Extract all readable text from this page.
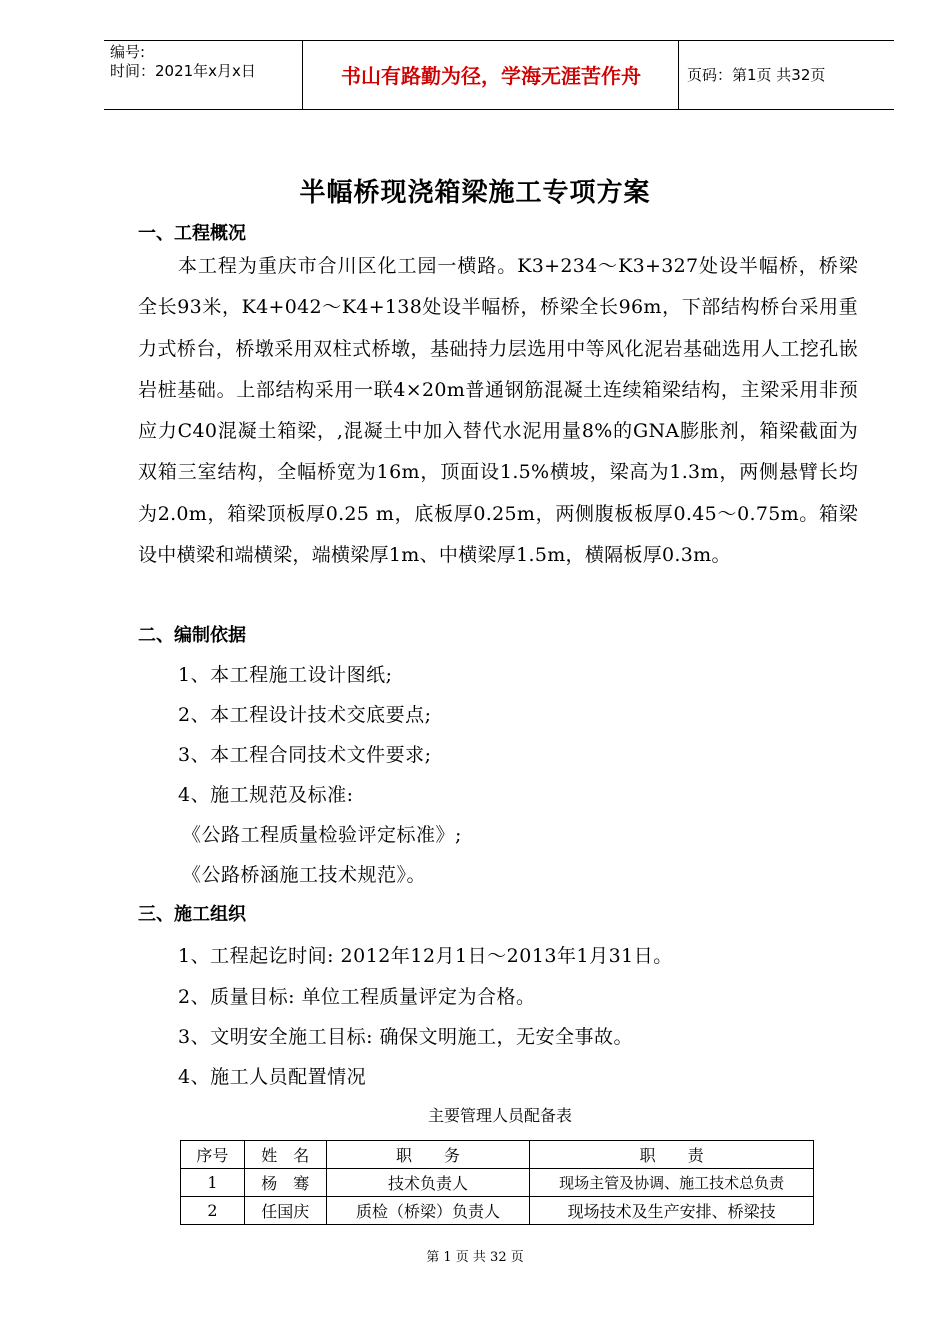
编号:
时间：2021年x月x日	书山有路勤为径，学海无涯苦作舟	页码：第1页 共32页
半幅桥现浇箱梁施工专项方案
一、工程概况

本工程为重庆市合川区化工园一横路。K3+234～K3+327处设半幅桥，桥梁全长93米，K4+042～K4+138处设半幅桥，桥梁全长96m，下部结构桥台采用重力式桥台，桥墩采用双柱式桥墩，基础持力层选用中等风化泥岩基础选用人工挖孔嵌岩桩基础。上部结构采用一联4×20m普通钢筋混凝土连续箱梁结构，主梁采用非预应力C40混凝土箱梁，,混凝土中加入替代水泥用量8%的GNA膨胀剂，箱梁截面为双箱三室结构，全幅桥宽为16m，顶面设1.5%横坡，梁高为1.3m，两侧悬臂长均为2.0m，箱梁顶板厚0.25 m，底板厚0.25m，两侧腹板板厚0.45～0.75m。箱梁设中横梁和端横梁，端横梁厚1m、中横梁厚1.5m，横隔板厚0.3m。

二、编制依据
1、本工程施工设计图纸;
2、本工程设计技术交底要点;
3、本工程合同技术文件要求;
4、施工规范及标准:
《公路工程质量检验评定标准》;
《公路桥涵施工技术规范》。
三、施工组织
1、工程起讫时间: 2012年12月1日～2013年1月31日。
2、质量目标: 单位工程质量评定为合格。
3、文明安全施工目标: 确保文明施工，无安全事故。
4、施工人员配置情况
主要管理人员配备表
序号	姓　名	职　　务	职　　责
1	杨　骞	技术负责人	现场主管及协调、施工技术总负责
2	任国庆	质检（桥梁）负责人	现场技术及生产安排、桥梁技
第 1 页 共 32 页
